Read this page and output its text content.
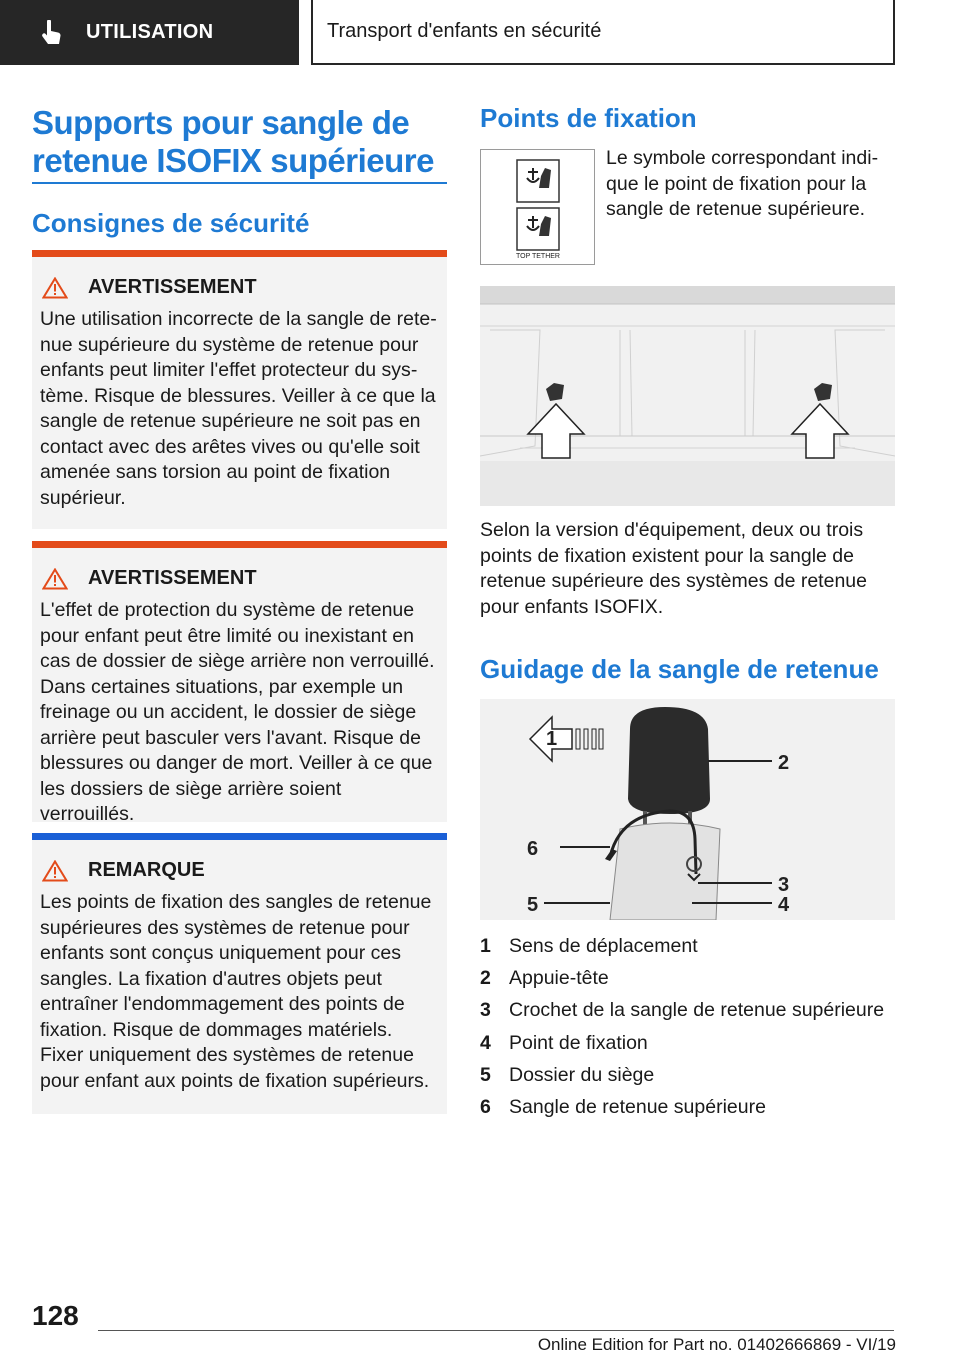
UTILISATION	Transport d'enfants en sécurité
Supports pour sangle de retenue ISOFIX supérieure
Consignes de sécurité
AVERTISSEMENT
Une utilisation incorrecte de la sangle de retenue supérieure du système de retenue pour enfants peut limiter l'effet protecteur du système. Risque de blessures. Veiller à ce que la sangle de retenue supérieure ne soit pas en contact avec des arêtes vives ou qu'elle soit amenée sans torsion au point de fixation supérieur.
AVERTISSEMENT
L'effet de protection du système de retenue pour enfant peut être limité ou inexistant en cas de dossier de siège arrière non verrouillé. Dans certaines situations, par exemple un freinage ou un accident, le dossier de siège arrière peut basculer vers l'avant. Risque de blessures ou danger de mort. Veiller à ce que les dossiers de siège arrière soient verrouillés.
REMARQUE
Les points de fixation des sangles de retenue supérieures des systèmes de retenue pour enfants sont conçus uniquement pour ces sangles. La fixation d'autres objets peut entraîner l'endommagement des points de fixation. Risque de dommages matériels. Fixer uniquement des systèmes de retenue pour enfant aux points de fixation supérieurs.
Points de fixation
TOP TETHER
Le symbole correspondant indique le point de fixation pour la sangle de retenue supérieure.
Selon la version d'équipement, deux ou trois points de fixation existent pour la sangle de retenue supérieure des systèmes de retenue pour enfants ISOFIX.
Guidage de la sangle de retenue
1
2
3
4
5
6
1 Sens de déplacement
2 Appuie-tête
3 Crochet de la sangle de retenue supérieure
4 Point de fixation
5 Dossier du siège
6 Sangle de retenue supérieure
128
Online Edition for Part no. 01402666869 - VI/19
